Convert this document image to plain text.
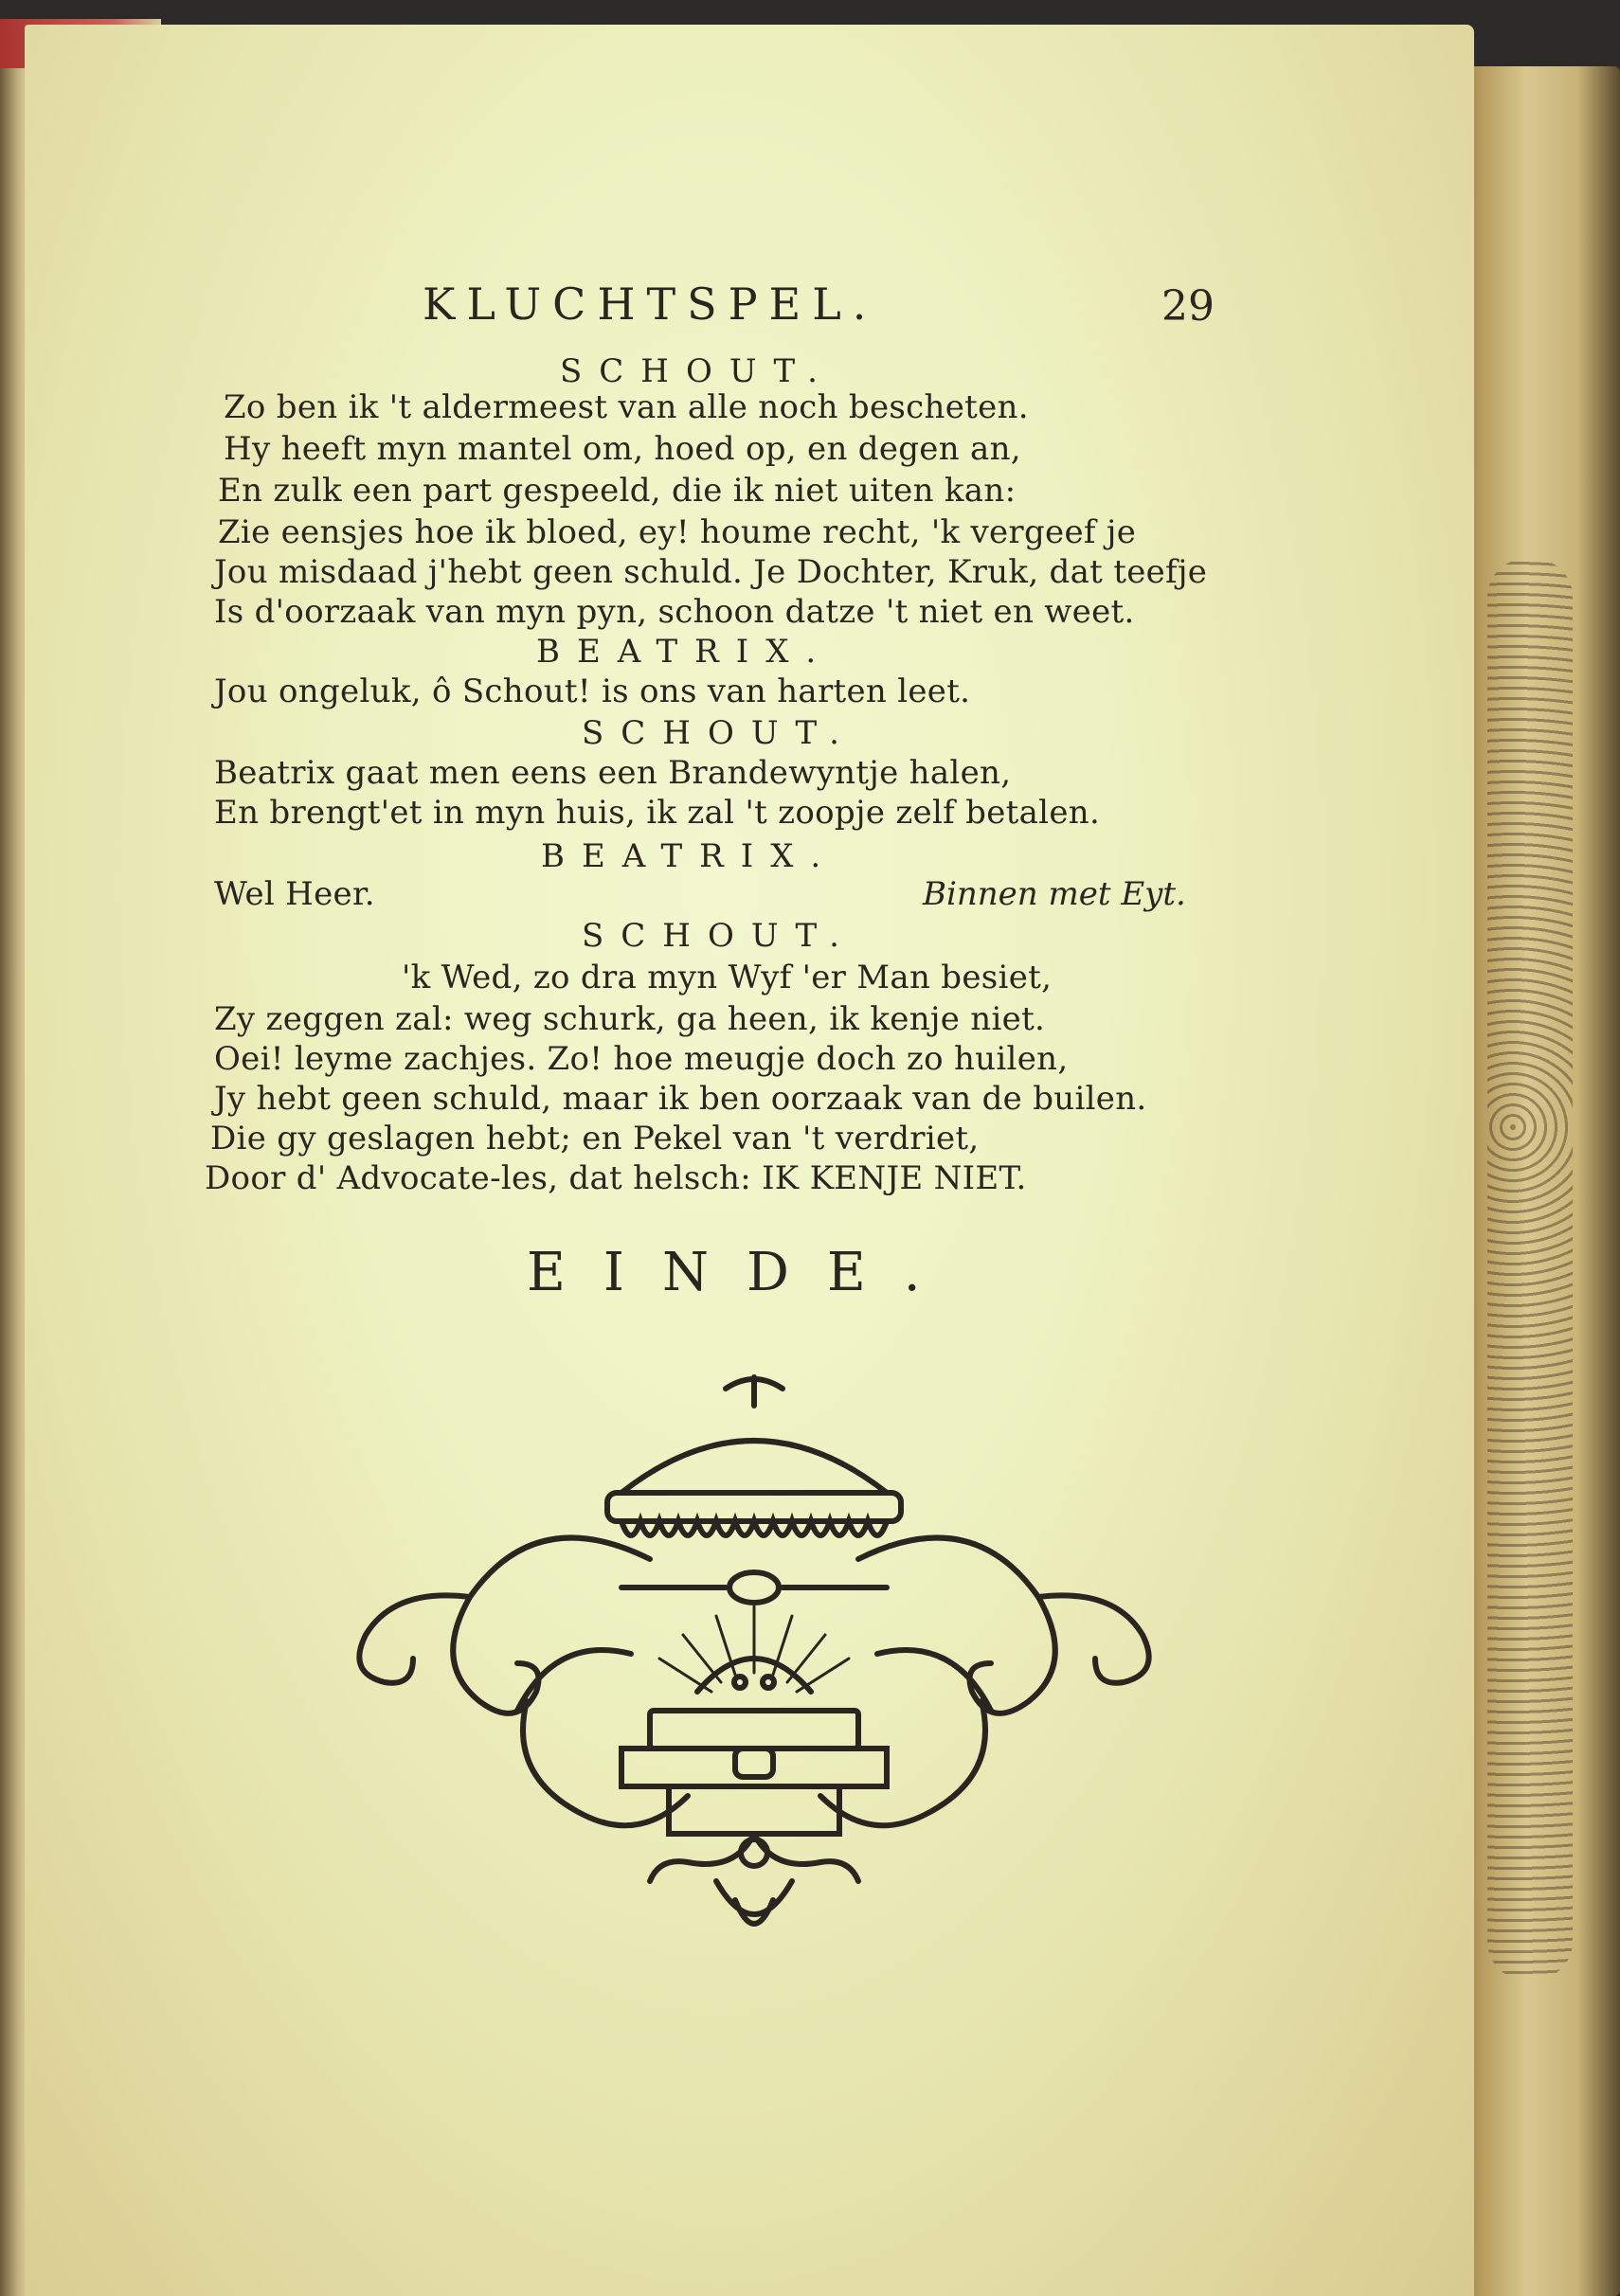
KLUCHTSPEL.	29
SCHOUT.
Zo ben ik 't aldermeest van alle noch bescheten.
Hy heeft myn mantel om, hoed op, en degen an,
En zulk een part gespeeld, die ik niet uiten kan:
Zie eensjes hoe ik bloed, ey! houme recht, 'k vergeef je
Jou misdaad j'hebt geen schuld. Je Dochter, Kruk, dat teefje
Is d'oorzaak van myn pyn, schoon datze 't niet en weet.
BEATRIX.
Jou ongeluk, ô Schout! is ons van harten leet.
SCHOUT.
Beatrix gaat men eens een Brandewyntje halen,
En brengt'et in myn huis, ik zal 't zoopje zelf betalen.
BEATRIX.
Wel Heer.	Binnen met Eyt.
SCHOUT.
'k Wed, zo dra myn Wyf 'er Man besiet,
Zy zeggen zal: weg schurk, ga heen, ik kenje niet.
Oei! leyme zachjes. Zo! hoe meugje doch zo huilen,
Jy hebt geen schuld, maar ik ben oorzaak van de builen.
Die gy geslagen hebt; en Pekel van 't verdriet,
Door d' Advocate-les, dat helsch: IK KENJE NIET.
EINDE.
